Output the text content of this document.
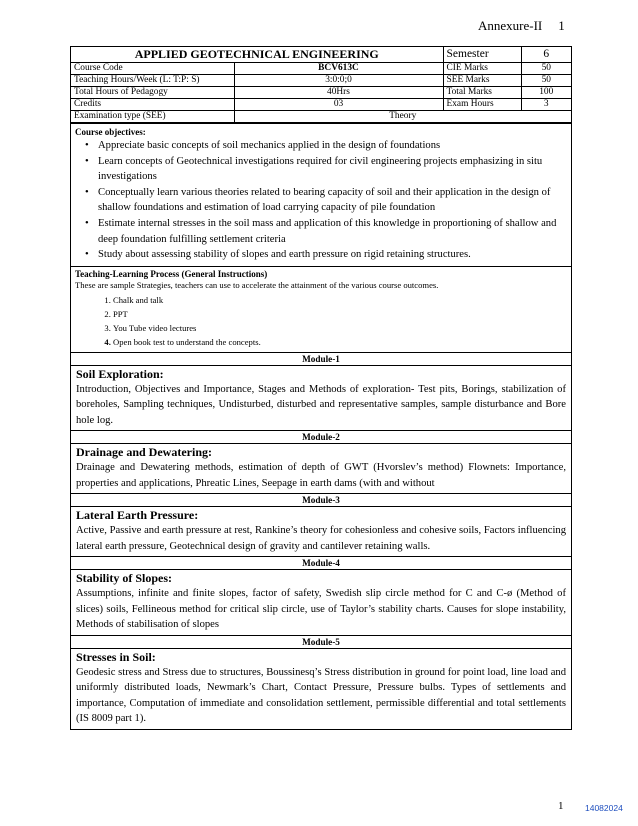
Annexure-II 1
APPLIED GEOTECHNICAL ENGINEERING		Semester	6
Course Code	BCV613C	CIE Marks	50
Teaching Hours/Week (L: T:P: S)	3:0:0;0	SEE Marks	50
Total Hours of Pedagogy	40Hrs	Total Marks	100
Credits	03	Exam Hours	3
Examination type (SEE)	Theory		
Course objectives:
• Appreciate basic concepts of soil mechanics applied in the design of foundations
• Learn concepts of Geotechnical investigations required for civil engineering projects emphasizing in situ investigations
• Conceptually learn various theories related to bearing capacity of soil and their application in the design of shallow foundations and estimation of load carrying capacity of pile foundation
• Estimate internal stresses in the soil mass and application of this knowledge in proportioning of shallow and deep foundation fulfilling settlement criteria
• Study about assessing stability of slopes and earth pressure on rigid retaining structures.
Teaching-Learning Process (General Instructions)
These are sample Strategies, teachers can use to accelerate the attainment of the various course outcomes.
1. Chalk and talk
2. PPT
3. You Tube video lectures
4. Open book test to understand the concepts.
Module-1
Soil Exploration:
Introduction, Objectives and Importance, Stages and Methods of exploration- Test pits, Borings, stabilization of boreholes, Sampling techniques, Undisturbed, disturbed and representative samples, sample disturbance and Bore hole log.
Module-2
Drainage and Dewatering:
Drainage and Dewatering methods, estimation of depth of GWT (Hvorslev’s method) Flownets: Importance, properties and applications, Phreatic Lines, Seepage in earth dams (with and without
Module-3
Lateral Earth Pressure:
Active, Passive and earth pressure at rest, Rankine’s theory for cohesionless and cohesive soils, Factors influencing lateral earth pressure, Geotechnical design of gravity and cantilever retaining walls.
Module-4
Stability of Slopes:
Assumptions, infinite and finite slopes, factor of safety, Swedish slip circle method for C and C-ø (Method of slices) soils, Fellineous method for critical slip circle, use of Taylor’s stability charts. Causes for slope instability, Methods of stabilisation of slopes
Module-5
Stresses in Soil:
Geodesic stress and Stress due to structures, Boussinesq’s Stress distribution in ground for point load, line load and uniformly distributed loads, Newmark’s Chart, Contact Pressure, Pressure bulbs. Types of settlements and importance, Computation of immediate and consolidation settlement, permissible differential and total settlements (IS 8009 part 1).
1	14082024
